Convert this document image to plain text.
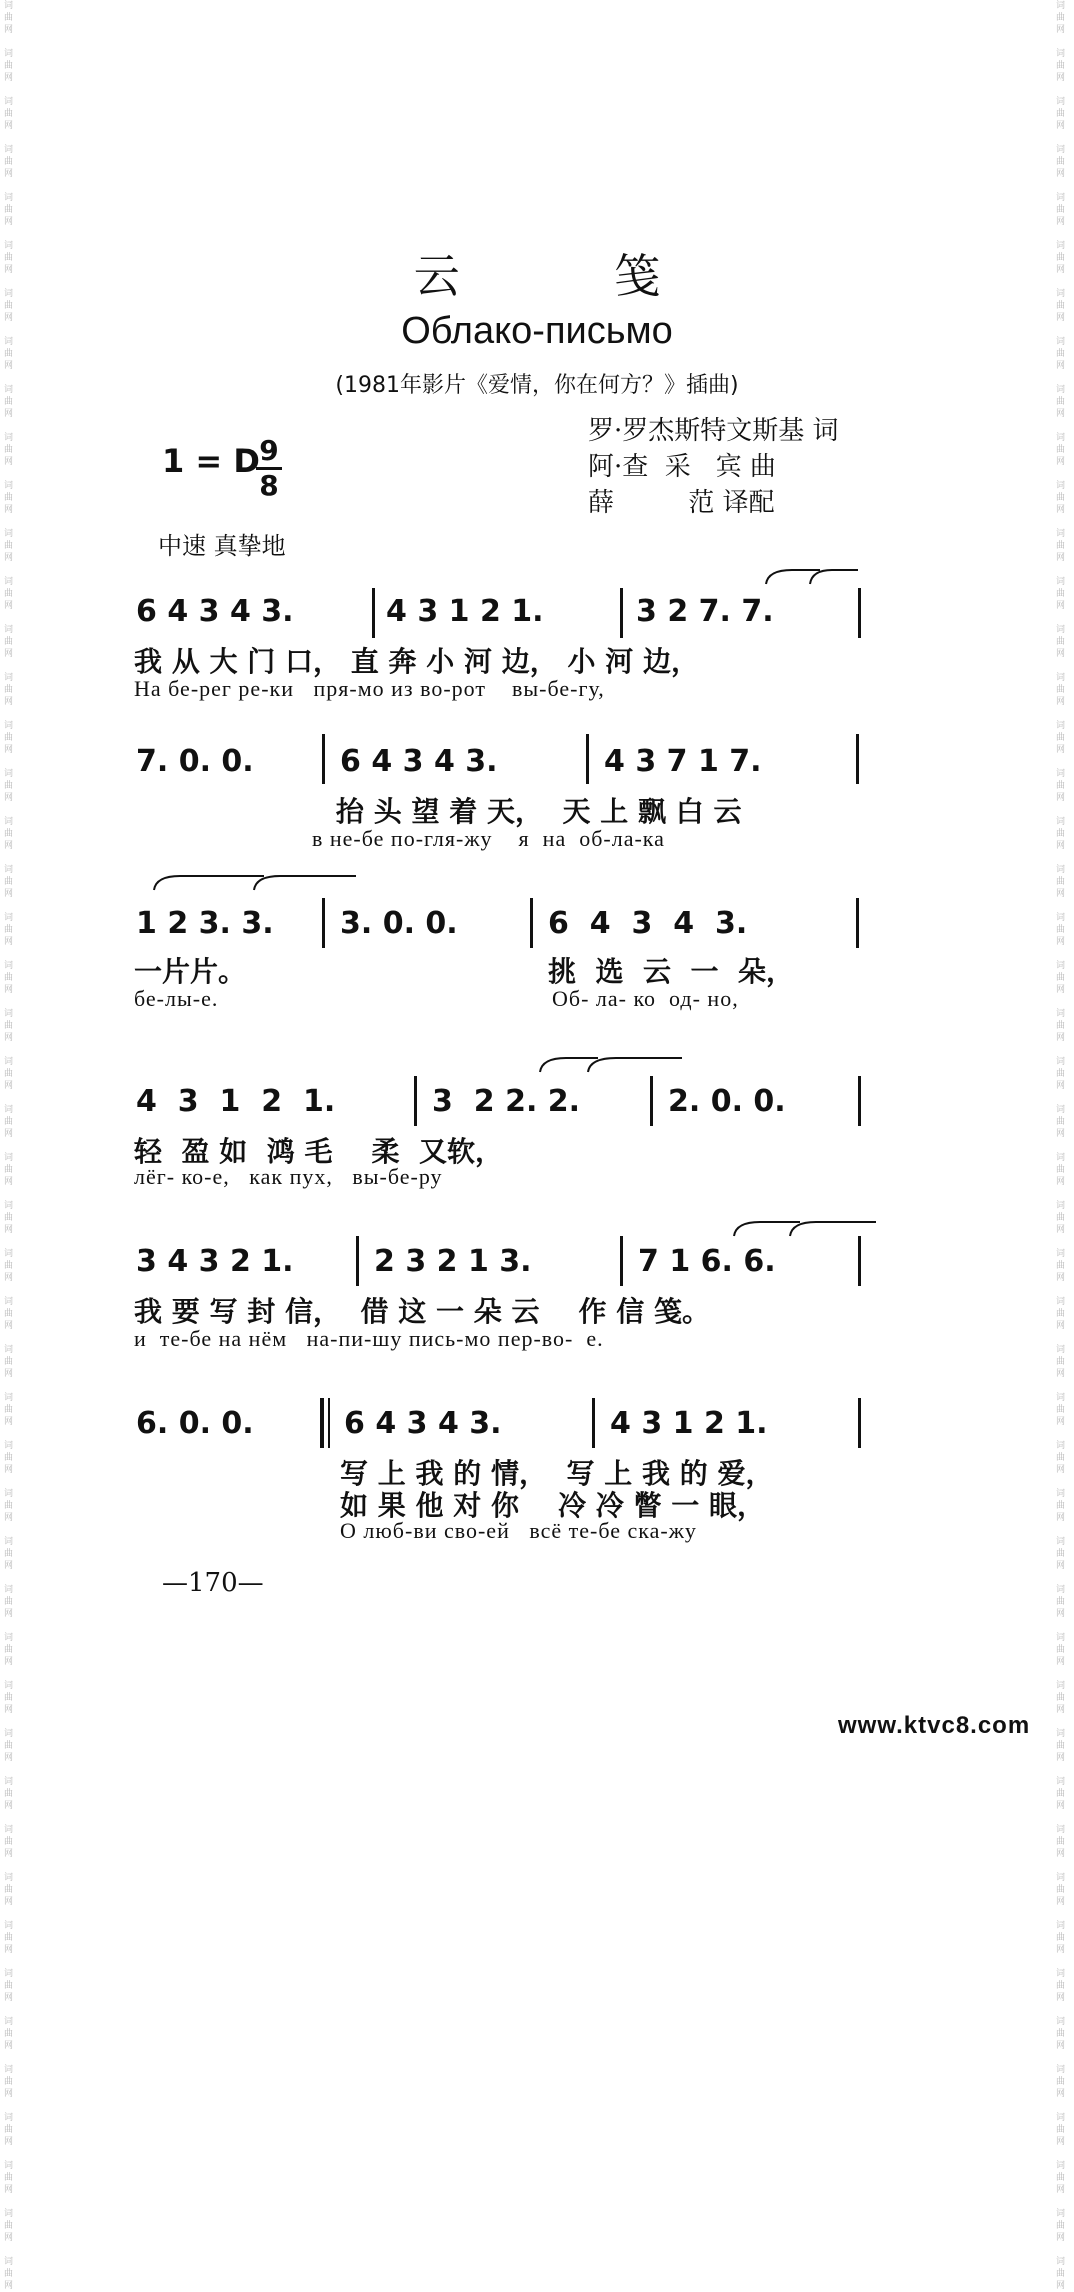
词
曲
网

词
曲
网

词
曲
网

词
曲
网

词
曲
网

词
曲
网

词
曲
网

词
曲
网

词
曲
网

词
曲
网

词
曲
网

词
曲
网

词
曲
网

词
曲
网

词
曲
网

词
曲
网

词
曲
网

词
曲
网

词
曲
网

词
曲
网

词
曲
网

词
曲
网

词
曲
网

词
曲
网

词
曲
网

词
曲
网

词
曲
网

词
曲
网

词
曲
网

词
曲
网

词
曲
网

词
曲
网

词
曲
网

词
曲
网

词
曲
网

词
曲
网

词
曲
网

词
曲
网

词
曲
网

词
曲
网

词
曲
网

词
曲
网

词
曲
网

词
曲
网

词
曲
网

词
曲
网

词
曲
网

词
曲
网

词
曲
网

词
曲
网

词
曲
网

词
曲
网

词
曲
网

词
曲
网

词
曲
网

词
曲
网

词
曲
网

词
曲
网

词
曲
网

词
曲
网

词
曲
网

词
曲
网

词
曲
网

词
曲
网

词
曲
网

词
曲
网

词
曲
网

词
曲
网

词
曲
网

词
曲
网

词
曲
网

词
曲
网

词
曲
网

词
曲
网

词
曲
网

词
曲
网

词
曲
网

词
曲
网

词
曲
网

词
曲
网

词
曲
网

词
曲
网

词
曲
网

词
曲
网

词
曲
网

词
曲
网

词
曲
网

词
曲
网

词
曲
网

词
曲
网

词
曲
网

词
曲
网

词
曲
网

词
曲
网

词
曲
网

词
曲
网

云 笺
Облако-письмо
(1981年影片《爱情，你在何方？》插曲)
罗·罗杰斯特文斯基 词
阿·查  采   宾 曲
薛         范 译配
1 = D 9
8
中速 真挚地
6 4 3 4 3.	4 3 1 2 1.	3 2 7. 7.
我 从 大 门 口， 直 奔 小 河 边， 小 河 边，
На бе-рег ре-ки   пря-мо из во-рот    вы-бе-гу,
7. 0. 0.	6 4 3 4 3.	4 3 7 1 7.
抬 头 望 着 天，  天 上 飘 白 云
в не-бе по-гля-жу    я  на  об-ла-ка
1 2 3. 3. 3. 0. 0.	6  4  3  4  3.
一片片。	挑  选  云  一  朵，
бе-лы-е.	Об- ла- ко  од- но,
4  3  1  2  1.	3  2 2. 2.	2. 0. 0.
轻  盈 如  鸿 毛    柔  又软，
лёг- ко-е,   как пух,   вы-бе-ру
3 4 3 2 1.	2 3 2 1 3.	7 1 6. 6.
我 要 写 封 信，  借 这 一 朵 云    作 信 笺。
и  те-бе на нём   на-пи-шу пись-мо пер-во-  е.
6. 0. 0.	6 4 3 4 3.	4 3 1 2 1.
写 上 我 的 情，  写 上 我 的 爱，
如 果 他 对 你    冷 冷 瞥 一 眼，
О люб-ви сво-ей   всё те-бе ска-жу
—170—
www.ktvc8.com
